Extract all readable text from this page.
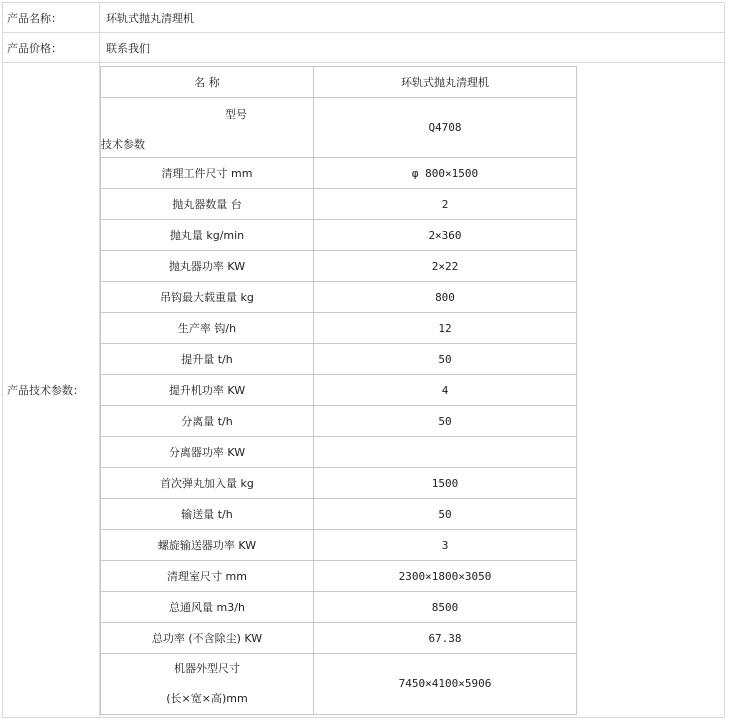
产品名称：	环轨式抛丸清理机
产品价格：	联系我们
产品技术参数：	
名 称	环轨式抛丸清理机

型号
技术参数
	Q4708
清理工件尺寸 mm	φ 800×1500
抛丸器数量 台	2
抛丸量 kg/min	2×360
抛丸器功率 KW	2×22
吊钩最大载重量 kg	800
生产率 钩/h	12
提升量 t/h	50
提升机功率 KW	4
分离量 t/h	50
分离器功率 KW	
首次弹丸加入量 kg	1500
输送量 t/h	50
螺旋输送器功率 KW	3
清理室尺寸 mm	2300×1800×3050
总通风量 m3/h	8500
总功率 (不含除尘) KW	67.38

机器外型尺寸
(长×宽×高)mm
	7450×4100×5906
